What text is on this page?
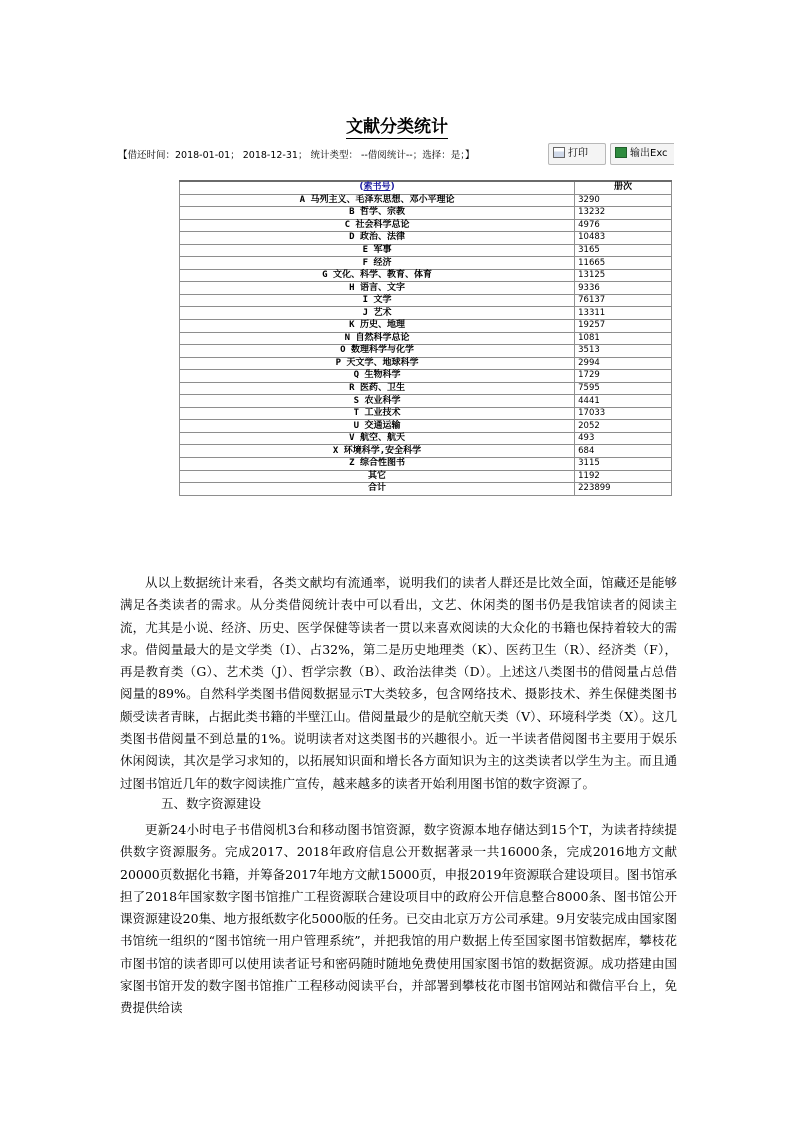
文献分类统计
【借还时间：2018-01-01； 2018-12-31； 统计类型： --借阅统计--；选择：是；】	打印	输出Exc
(索书号)	册次
A 马列主义、毛泽东思想、邓小平理论	3290
B 哲学、宗教	13232
C 社会科学总论	4976
D 政治、法律	10483
E 军事	3165
F 经济	11665
G 文化、科学、教育、体育	13125
H 语言、文字	9336
I 文学	76137
J 艺术	13311
K 历史、地理	19257
N 自然科学总论	1081
O 数理科学与化学	3513
P 天文学、地球科学	2994
Q 生物科学	1729
R 医药、卫生	7595
S 农业科学	4441
T 工业技术	17033
U 交通运输	2052
V 航空、航天	493
X 环境科学,安全科学	684
Z 综合性图书	3115
其它	1192
合计	223899
从以上数据统计来看，各类文献均有流通率，说明我们的读者人群还是比效全面，馆藏还是能够满足各类读者的需求。从分类借阅统计表中可以看出，文艺、休闲类的图书仍是我馆读者的阅读主流，尤其是小说、经济、历史、医学保健等读者一贯以来喜欢阅读的大众化的书籍也保持着较大的需求。借阅量最大的是文学类（I）、占32%，第二是历史地理类（K）、医药卫生（R）、经济类（F），再是教育类（G）、艺术类（J）、哲学宗教（B）、政治法律类（D）。上述这八类图书的借阅量占总借阅量的89%。自然科学类图书借阅数据显示T大类较多，包含网络技术、摄影技术、养生保健类图书颇受读者青睐，占据此类书籍的半壁江山。借阅量最少的是航空航天类（V）、环境科学类（X）。这几类图书借阅量不到总量的1%。说明读者对这类图书的兴趣很小。近一半读者借阅图书主要用于娱乐休闲阅读，其次是学习求知的，以拓展知识面和增长各方面知识为主的这类读者以学生为主。而且通过图书馆近几年的数字阅读推广宣传，越来越多的读者开始利用图书馆的数字资源了。
五、数字资源建设
更新24小时电子书借阅机3台和移动图书馆资源，数字资源本地存储达到15个T，为读者持续提供数字资源服务。完成2017、2018年政府信息公开数据著录一共16000条，完成2016地方文献20000页数据化书籍，并筹备2017年地方文献15000页，申报2019年资源联合建设项目。图书馆承担了2018年国家数字图书馆推广工程资源联合建设项目中的政府公开信息整合8000条、图书馆公开课资源建设20集、地方报纸数字化5000版的任务。已交由北京万方公司承建。9月安装完成由国家图书馆统一组织的“图书馆统一用户管理系统”，并把我馆的用户数据上传至国家图书馆数据库，攀枝花市图书馆的读者即可以使用读者证号和密码随时随地免费使用国家图书馆的数据资源。成功搭建由国家图书馆开发的数字图书馆推广工程移动阅读平台，并部署到攀枝花市图书馆网站和微信平台上，免费提供给读
